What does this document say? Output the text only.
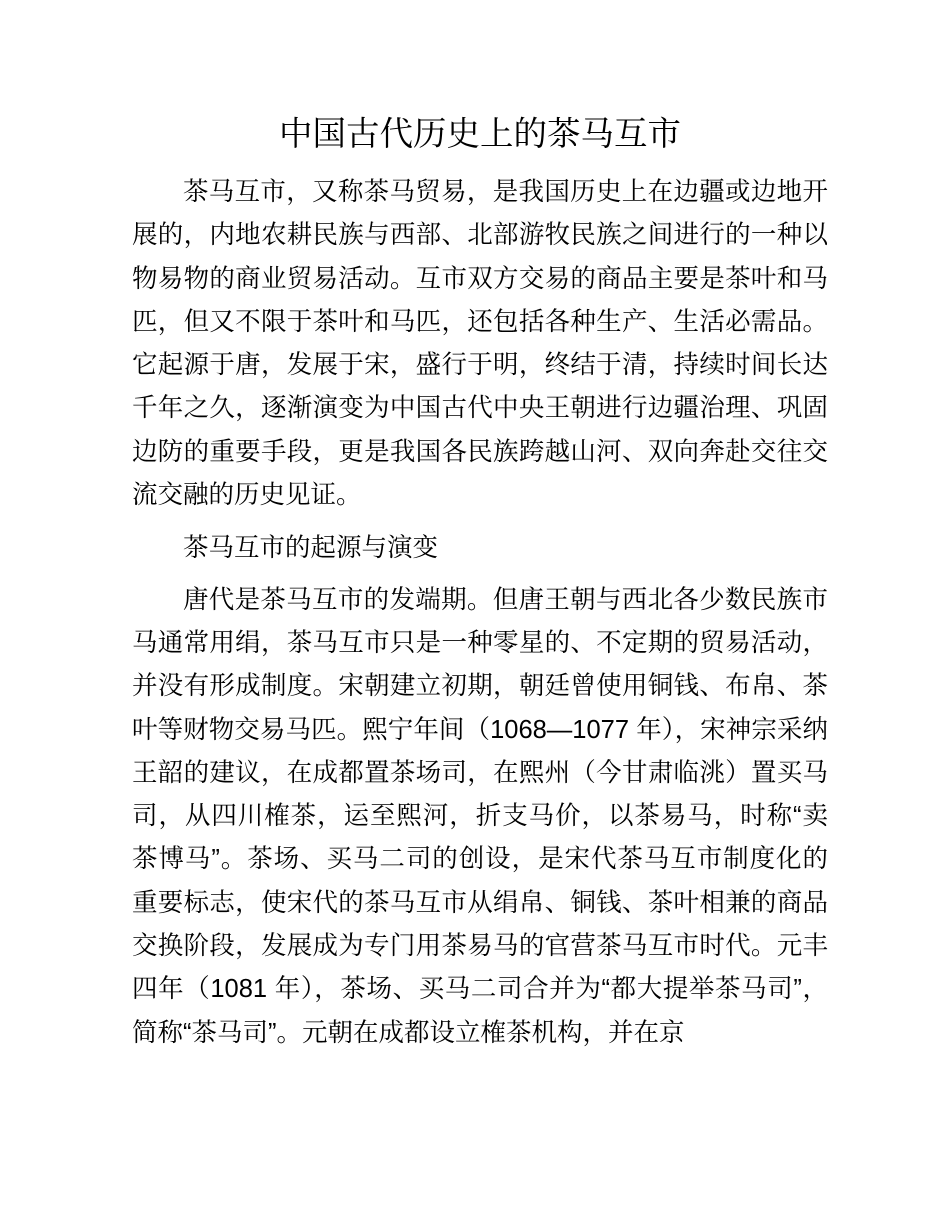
中国古代历史上的茶马互市

茶马互市，又称茶马贸易，是我国历史上在边疆或边地开展的，内地农耕民族与西部、北部游牧民族之间进行的一种以物易物的商业贸易活动。互市双方交易的商品主要是茶叶和马匹，但又不限于茶叶和马匹，还包括各种生产、生活必需品。它起源于唐，发展于宋，盛行于明，终结于清，持续时间长达千年之久，逐渐演变为中国古代中央王朝进行边疆治理、巩固边防的重要手段，更是我国各民族跨越山河、双向奔赴交往交流交融的历史见证。

茶马互市的起源与演变

唐代是茶马互市的发端期。但唐王朝与西北各少数民族市马通常用绢，茶马互市只是一种零星的、不定期的贸易活动，并没有形成制度。宋朝建立初期，朝廷曾使用铜钱、布帛、茶叶等财物交易马匹。熙宁年间（1068—1077 年），宋神宗采纳王韶的建议，在成都置茶场司，在熙州（今甘肃临洮）置买马司，从四川榷茶，运至熙河，折支马价，以茶易马，时称“卖茶博马”。茶场、买马二司的创设，是宋代茶马互市制度化的重要标志，使宋代的茶马互市从绢帛、铜钱、茶叶相兼的商品交换阶段，发展成为专门用茶易马的官营茶马互市时代。元丰四年（1081 年），茶场、买马二司合并为“都大提举茶马司”，简称“茶马司”。元朝在成都设立榷茶机构，并在京
